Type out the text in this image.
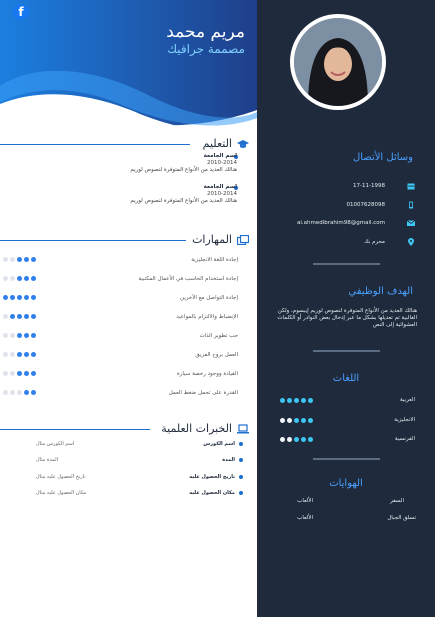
f
مريم محمد
مصممة جرافيك
التعليم
اسم الجامعة
2010-2014
هنالك العديد من الأنواع المتوفرة لنصوص لوريم
اسم الجامعة
2010-2014
هنالك العديد من الأنواع المتوفرة لنصوص لوريم
المهارات
إجادة اللغة الانجليزية
إجادة استخدام الحاسب في الأعمال المكتبية
إجادة التواصل مع الآخرين
الإنضباط والالتزام بالمواعيد
حب تطوير الذات
العمل بروح الفريق
القيادة ووجود رخصة سيارة
القدرة على تحمل ضغط العمل
الخبرات العلمية
اسم الكورس مثال
المدة مثال
تاريخ الحصول عليه مثال
مكان الحصول عليه مثال
اسم الكورس
المدة
تاريخ الحصول عليه
مكان الحصول عليه
وسائل الأتصال
17-11-1998
01007628098
ai.ahmedibrahim98@gmail.com
محرم بك
الهدف الوظيفي
هنالك العديد من الأنواع المتوفرة لنصوص لوريم إيبسوم، ولكن الغالبية تم تعديلها بشكل ما عبر إدخال بعض النوادر أو الكلمات العشوائية إلى النص
اللغات
العربية
الانجليزية
الفرنسية
الهوايات
السفر
الألعاب
تسلق الجبال
الألعاب
